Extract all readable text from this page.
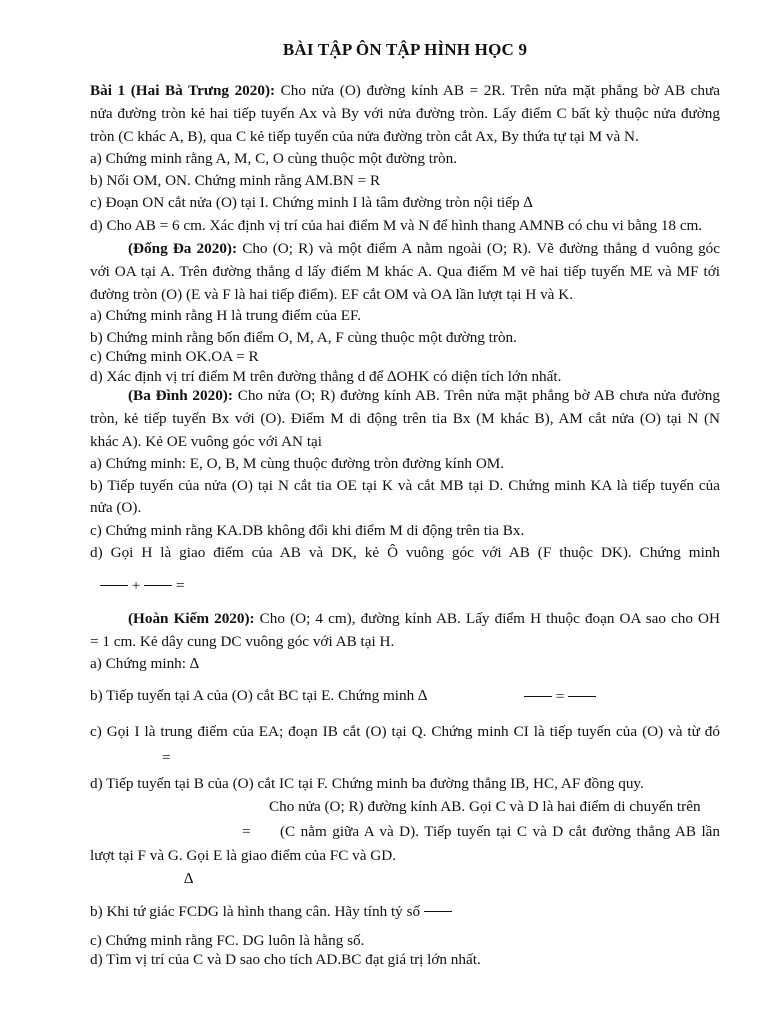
BÀI TẬP ÔN TẬP HÌNH HỌC 9
Bài 1 (Hai Bà Trưng 2020): Cho nửa (O) đường kính AB = 2R. Trên nửa mặt phẳng bờ AB chưa
nửa đường tròn kẻ hai tiếp tuyến Ax và By với nửa đường tròn. Lấy điểm C bất kỳ thuộc nửa đường
tròn (C khác A, B), qua C kẻ tiếp tuyến của nửa đường tròn cắt Ax, By thứa tự tại M và N.
a) Chứng minh rằng A, M, C, O cùng thuộc một đường tròn.
b) Nối OM, ON. Chứng minh rằng AM.BN = R
c) Đoạn ON cắt nửa (O) tại I. Chứng minh I là tâm đường tròn nội tiếp ∆
d) Cho AB = 6 cm. Xác định vị trí của hai điểm M và N để hình thang AMNB có chu vi bằng 18 cm.
(Đống Đa 2020): Cho (O; R) và một điểm A nằm ngoài (O; R). Vẽ đường thẳng d vuông góc
với OA tại A. Trên đường thẳng d lấy điểm M khác A. Qua điểm M vẽ hai tiếp tuyến ME và MF tới
đường tròn (O) (E và F là hai tiếp điểm). EF cắt OM và OA lần lượt tại H và K.
a) Chứng minh rằng H là trung điểm của EF.
b) Chứng minh rằng bốn điểm O, M, A, F cùng thuộc một đường tròn.
c) Chứng minh OK.OA = R
d) Xác định vị trí điểm M trên đường thẳng d để ∆OHK có diện tích lớn nhất.
(Ba Đình 2020): Cho nửa (O; R) đường kính AB. Trên nửa mặt phẳng bờ AB chưa nửa đường
tròn, kẻ tiếp tuyến Bx với (O). Điểm M di động trên tia Bx (M khác B), AM cắt nửa (O) tại N (N
khác A). Kẻ OE vuông góc với AN tại
a) Chứng minh: E, O, B, M cùng thuộc đường tròn đường kính OM.
b) Tiếp tuyến của nửa (O) tại N cắt tia OE tại K và cắt MB tại D. Chứng minh KA là tiếp tuyến của
nửa (O).
c) Chứng minh rằng KA.DB không đổi khi điểm M di động trên tia Bx.
d) Gọi H là giao điểm của AB và DK, kẻ Ô vuông góc với AB (F thuộc DK). Chứng minh
+ =
(Hoàn Kiếm 2020): Cho (O; 4 cm), đường kính AB. Lấy điểm H thuộc đoạn OA sao cho OH
= 1 cm. Kẻ dây cung DC vuông góc với AB tại H.
a) Chứng minh: ∆
b) Tiếp tuyến tại A của (O) cắt BC tại E. Chứng minh ∆	=
c) Gọi I là trung điểm của EA; đoạn IB cắt (O) tại Q. Chứng minh CI là tiếp tuyến của (O) và từ đó
=
d) Tiếp tuyến tại B của (O) cắt IC tại F. Chứng minh ba đường thẳng IB, HC, AF đồng quy.
Cho nửa (O; R) đường kính AB. Gọi C và D là hai điểm di chuyển trên
= (C nằm giữa A và D). Tiếp tuyến tại C và D cắt đường thẳng AB lần
lượt tại F và G. Gọi E là giao điểm của FC và GD.
∆
b) Khi tứ giác FCDG là hình thang cân. Hãy tính tỷ số
c) Chứng minh rằng FC. DG luôn là hằng số.
d) Tìm vị trí của C và D sao cho tích AD.BC đạt giá trị lớn nhất.
